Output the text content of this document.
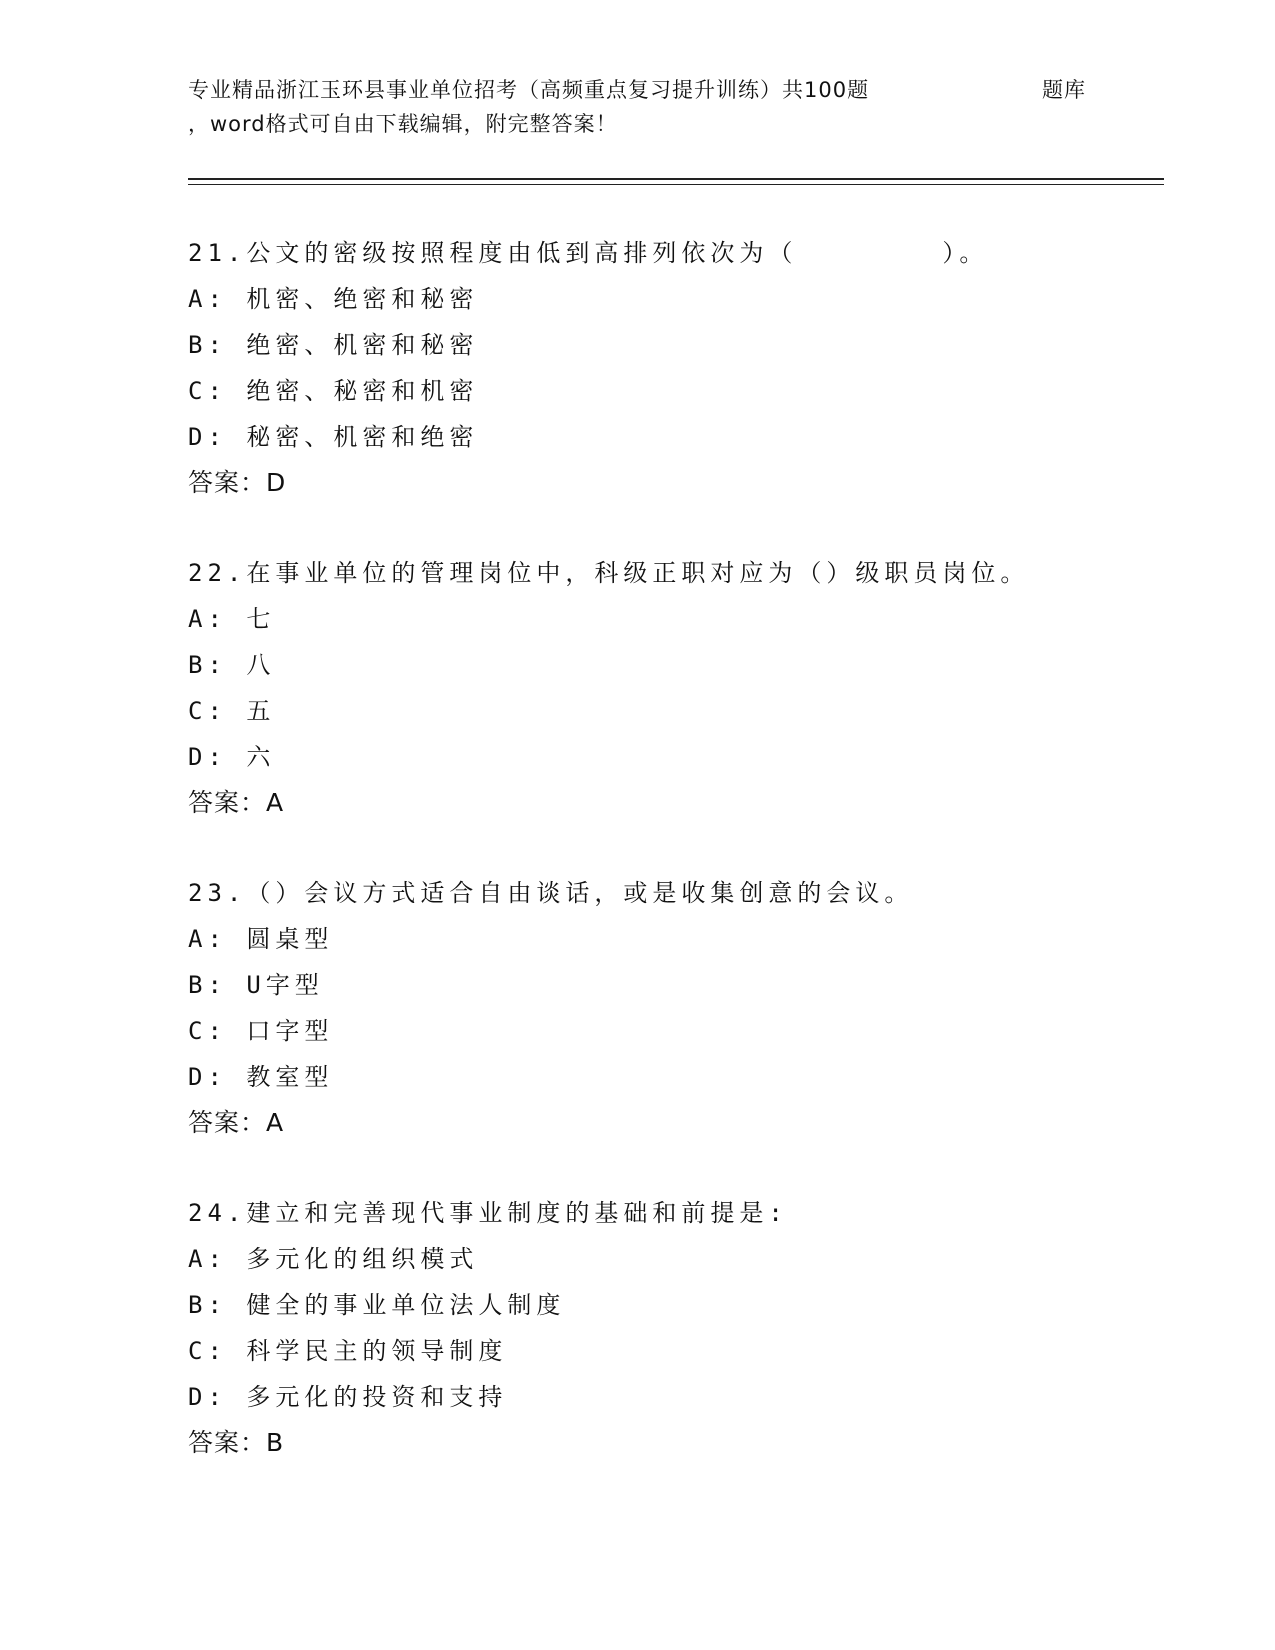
专业精品浙江玉环县事业单位招考（高频重点复习提升训练）共100题	题库
，word格式可自由下载编辑，附完整答案！
21.公文的密级按照程度由低到高排列依次为（　　　　　）。
A: 机密、绝密和秘密
B: 绝密、机密和秘密
C: 绝密、秘密和机密
D: 秘密、机密和绝密
答案：D
22.在事业单位的管理岗位中，科级正职对应为（）级职员岗位。
A: 七
B: 八
C: 五
D: 六
答案：A
23.（）会议方式适合自由谈话，或是收集创意的会议。
A: 圆桌型
B: U字型
C: 口字型
D: 教室型
答案：A
24.建立和完善现代事业制度的基础和前提是:
A: 多元化的组织模式
B: 健全的事业单位法人制度
C: 科学民主的领导制度
D: 多元化的投资和支持
答案：B
